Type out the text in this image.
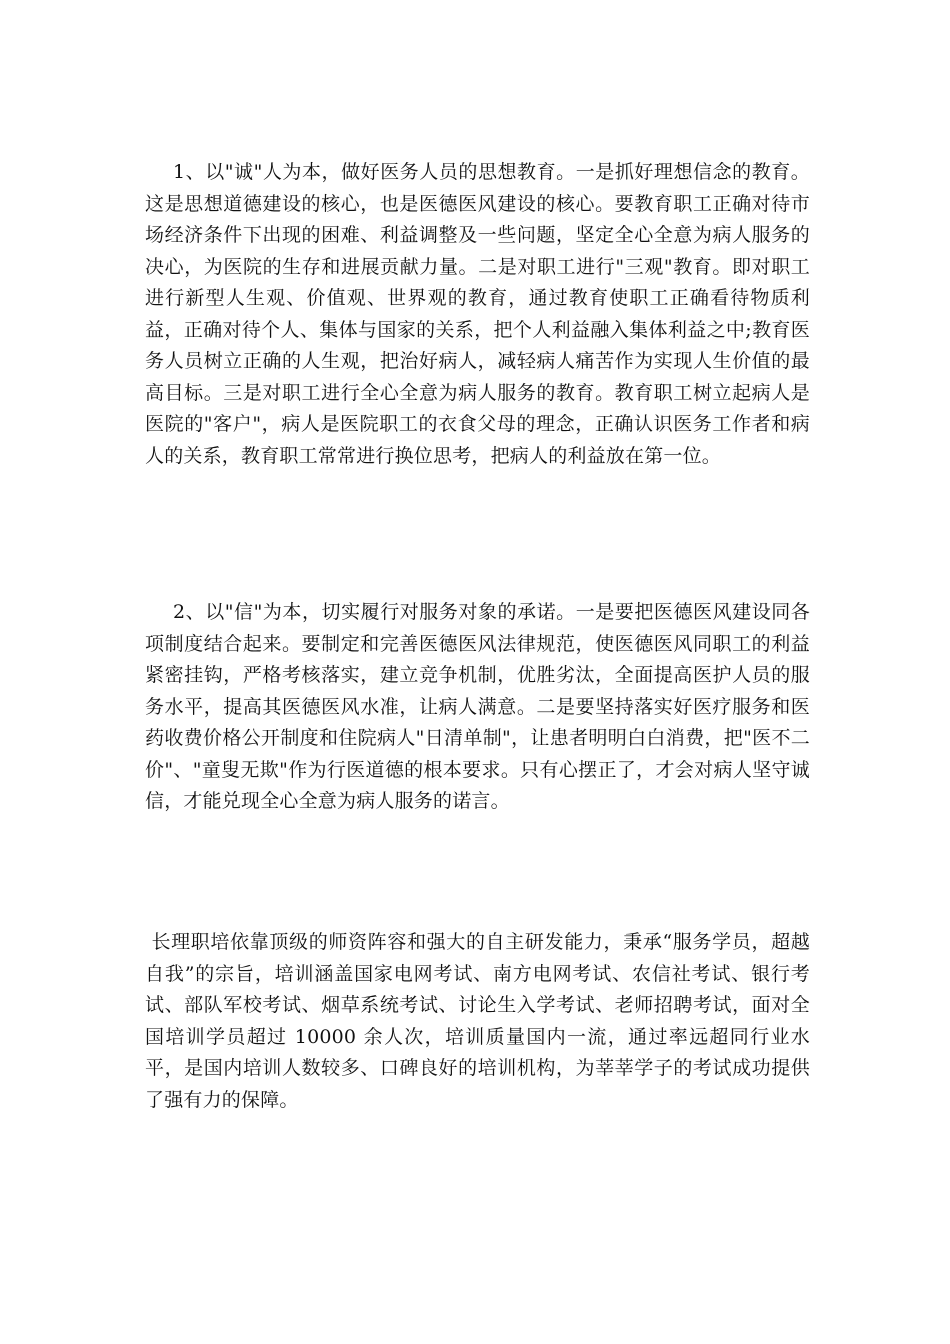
1、以"诚"人为本，做好医务人员的思想教育。一是抓好理想信念的教育。这是思想道德建设的核心，也是医德医风建设的核心。要教育职工正确对待市场经济条件下出现的困难、利益调整及一些问题，坚定全心全意为病人服务的决心，为医院的生存和进展贡献力量。二是对职工进行"三观"教育。即对职工进行新型人生观、价值观、世界观的教育，通过教育使职工正确看待物质利益，正确对待个人、集体与国家的关系，把个人利益融入集体利益之中;教育医务人员树立正确的人生观，把治好病人，减轻病人痛苦作为实现人生价值的最高目标。三是对职工进行全心全意为病人服务的教育。教育职工树立起病人是医院的"客户"，病人是医院职工的衣食父母的理念，正确认识医务工作者和病人的关系，教育职工常常进行换位思考，把病人的利益放在第一位。

2、以"信"为本，切实履行对服务对象的承诺。一是要把医德医风建设同各项制度结合起来。要制定和完善医德医风法律规范，使医德医风同职工的利益紧密挂钩，严格考核落实，建立竞争机制，优胜劣汰，全面提高医护人员的服务水平，提高其医德医风水准，让病人满意。二是要坚持落实好医疗服务和医药收费价格公开制度和住院病人"日清单制"，让患者明明白白消费，把"医不二价"、"童叟无欺"作为行医道德的根本要求。只有心摆正了，才会对病人坚守诚信，才能兑现全心全意为病人服务的诺言。

长理职培依靠顶级的师资阵容和强大的自主研发能力，秉承“服务学员，超越自我”的宗旨，培训涵盖国家电网考试、南方电网考试、农信社考试、银行考试、部队军校考试、烟草系统考试、讨论生入学考试、老师招聘考试，面对全国培训学员超过 10000 余人次，培训质量国内一流，通过率远超同行业水平，是国内培训人数较多、口碑良好的培训机构，为莘莘学子的考试成功提供了强有力的保障。
